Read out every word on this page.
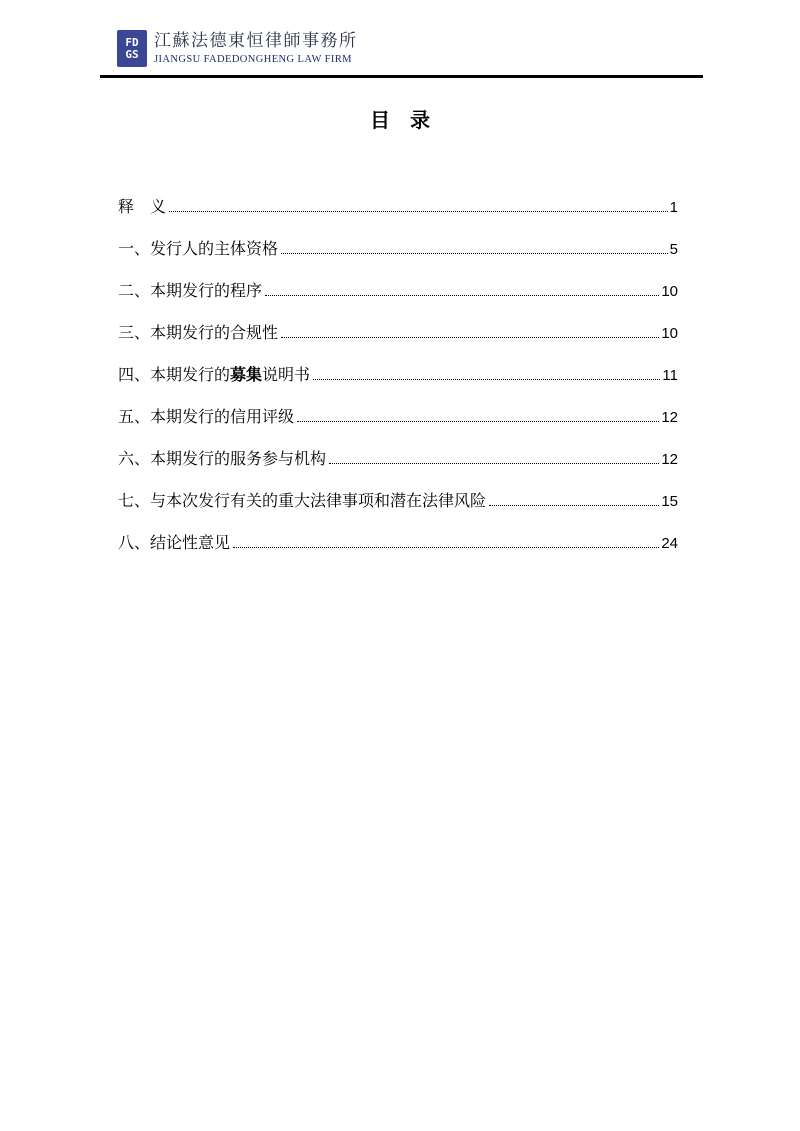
FD
GS
江蘇法德東恒律師事務所
JIANGSU FADEDONGHENG LAW FIRM
目　录
释　义	1
一、发行人的主体资格	5
二、本期发行的程序	10
三、本期发行的合规性	10
四、本期发行的募集说明书	11
五、本期发行的信用评级	12
六、本期发行的服务参与机构	12
七、与本次发行有关的重大法律事项和潜在法律风险	15
八、结论性意见	24
